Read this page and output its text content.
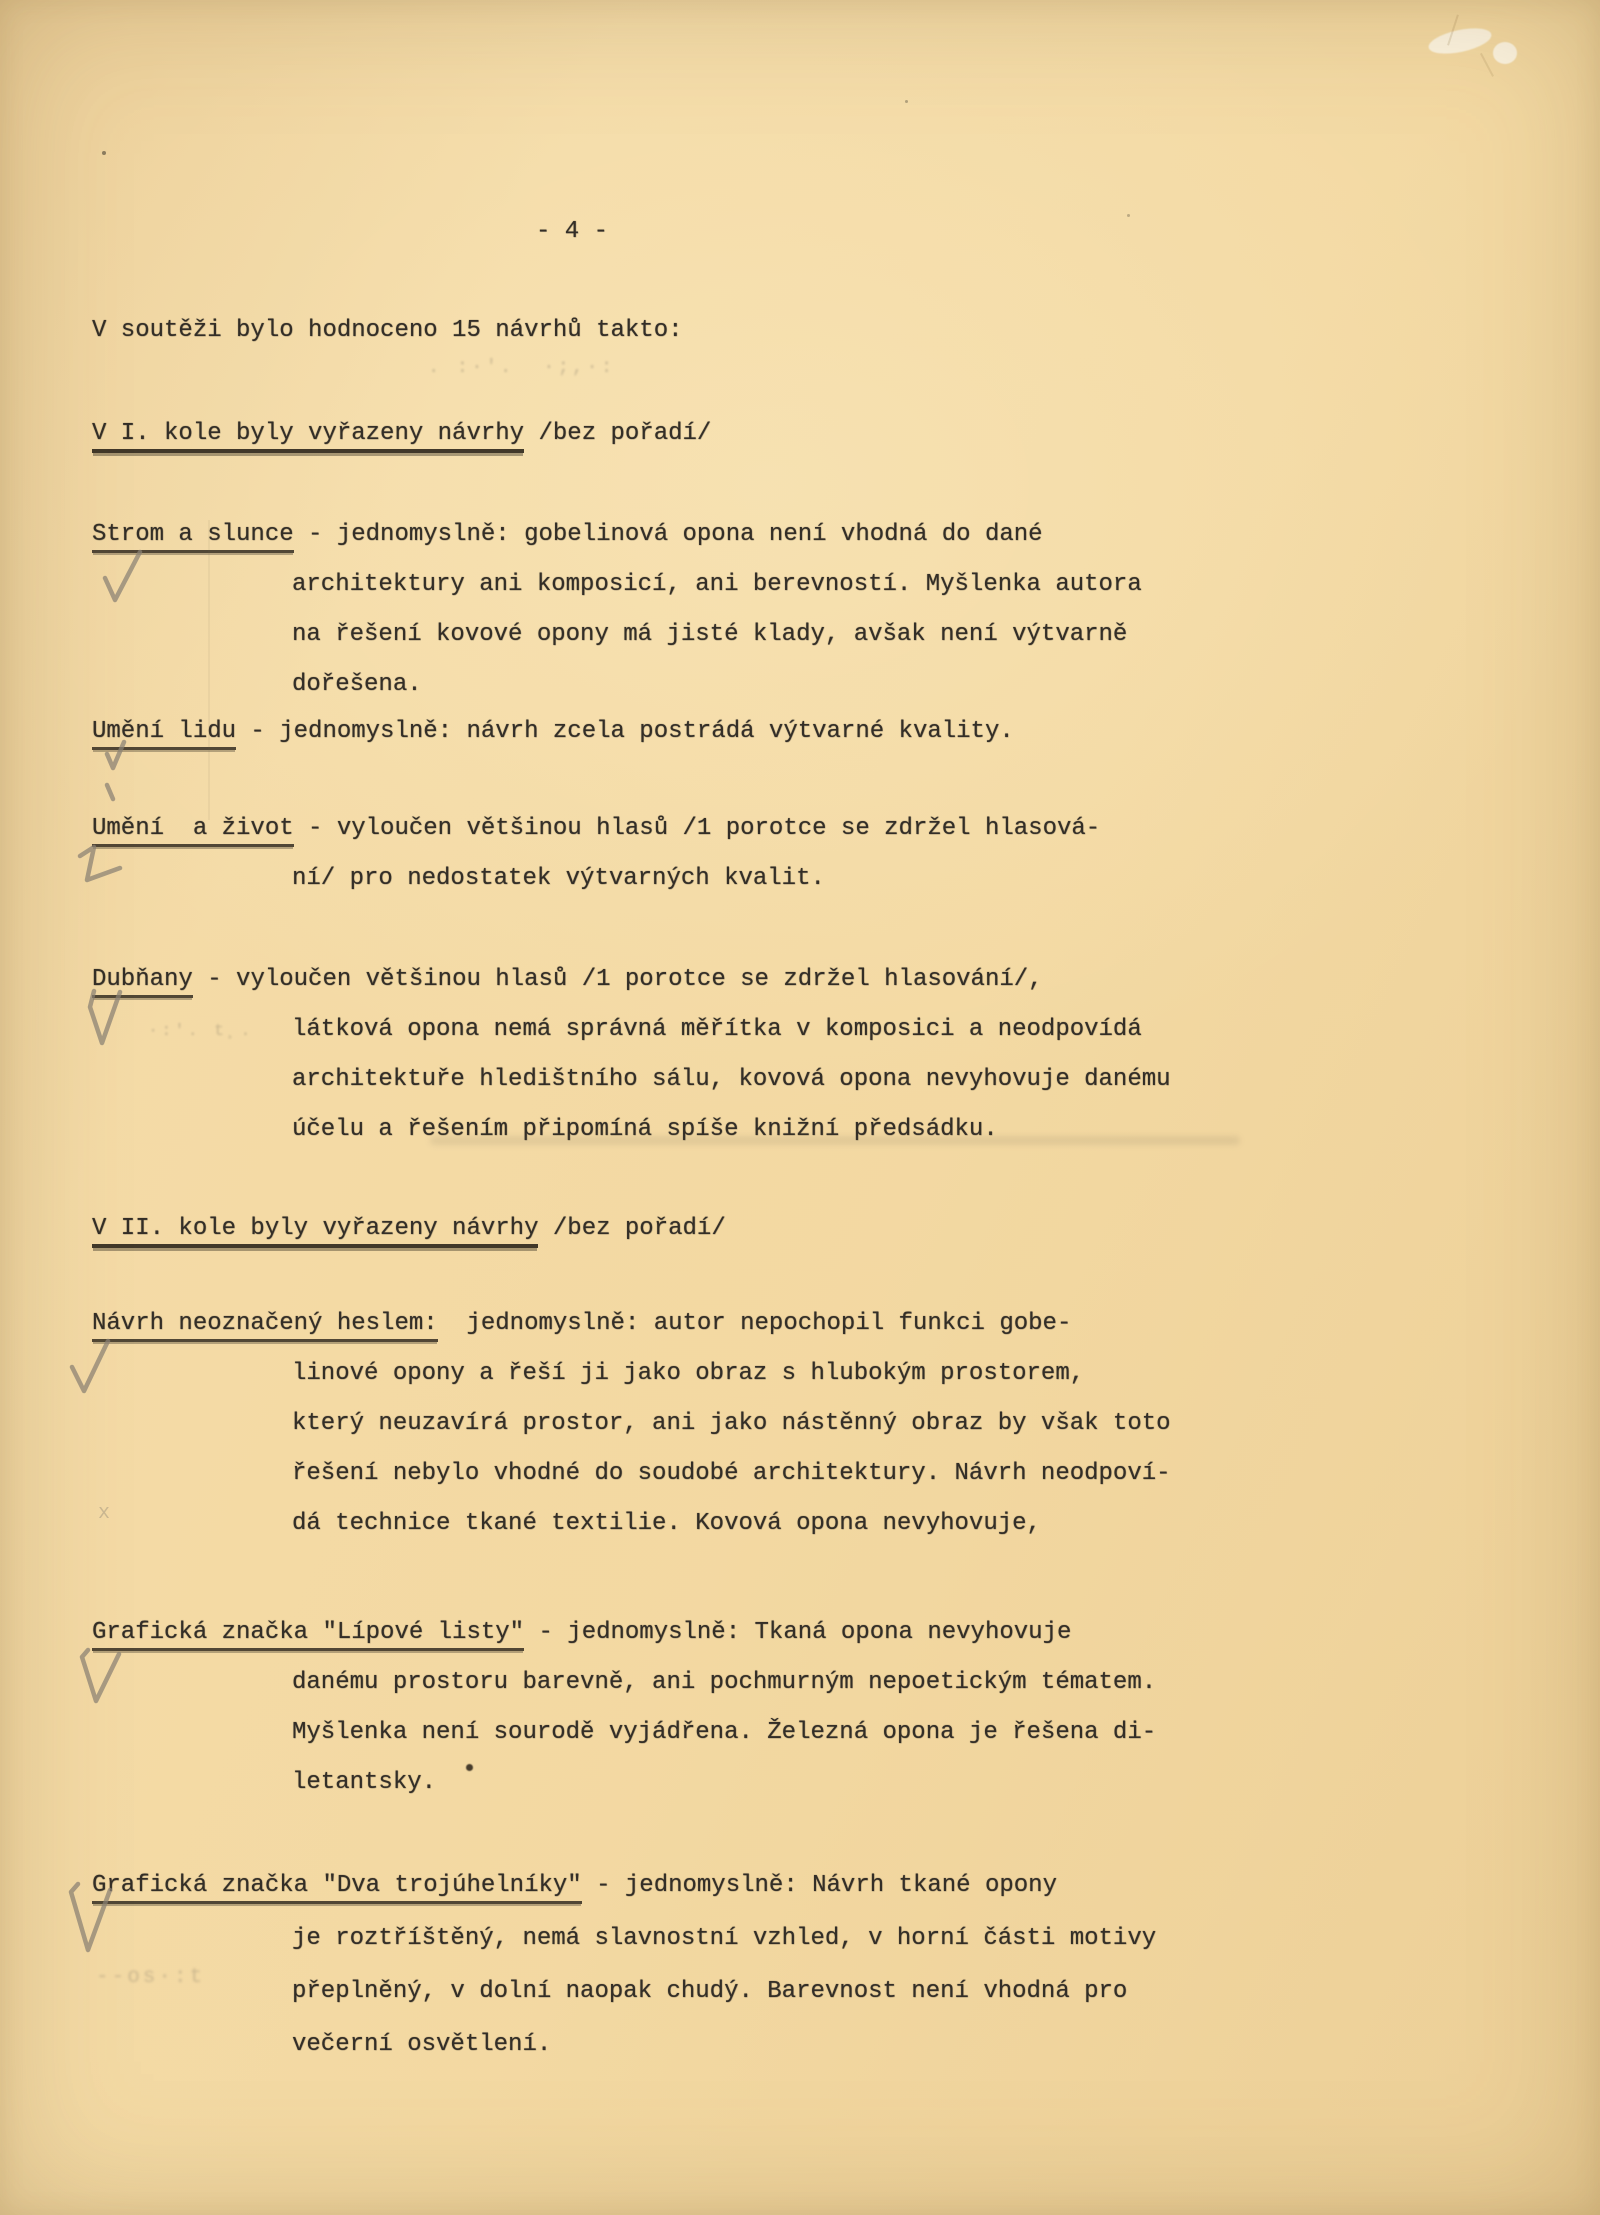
- 4 -
V soutěži bylo hodnoceno 15 návrhů takto:
. :·'.  ·;,·:
V I. kole byly vyřazeny návrhy /bez pořadí/
Strom a slunce - jednomyslně: gobelinová opona není vhodná do dané
architektury ani komposicí, ani berevností. Myšlenka autora
na řešení kovové opony má jisté klady, avšak není výtvarně
dořešena.
Umění lidu - jednomyslně: návrh zcela postrádá výtvarné kvality.
Umění  a život - vyloučen většinou hlasů /1 porotce se zdržel hlasová-
ní/ pro nedostatek výtvarných kvalit.
Dubňany - vyloučen většinou hlasů /1 porotce se zdržel hlasování/,
látková opona nemá správná měřítka v komposici a neodpovídá
architektuře hledištního sálu, kovová opona nevyhovuje danému
účelu a řešením připomíná spíše knižní předsádku.
V II. kole byly vyřazeny návrhy /bez pořadí/
Návrh neoznačený heslem:  jednomyslně: autor nepochopil funkci gobe-
linové opony a řeší ji jako obraz s hlubokým prostorem,
který neuzavírá prostor, ani jako nástěnný obraz by však toto
řešení nebylo vhodné do soudobé architektury. Návrh neodpoví-
dá technice tkané textilie. Kovová opona nevyhovuje,
Grafická značka "Lípové listy" - jednomyslně: Tkaná opona nevyhovuje
danému prostoru barevně, ani pochmurným nepoetickým tématem.
Myšlenka není sourodě vyjádřena. Železná opona je řešena di-
letantsky.
Grafická značka "Dva trojúhelníky" - jednomyslně: Návrh tkané opony
je roztříštěný, nemá slavnostní vzhled, v horní části motivy
přeplněný, v dolní naopak chudý. Barevnost není vhodná pro
večerní osvětlení.
·:'. t¸.
--os·:t
x
